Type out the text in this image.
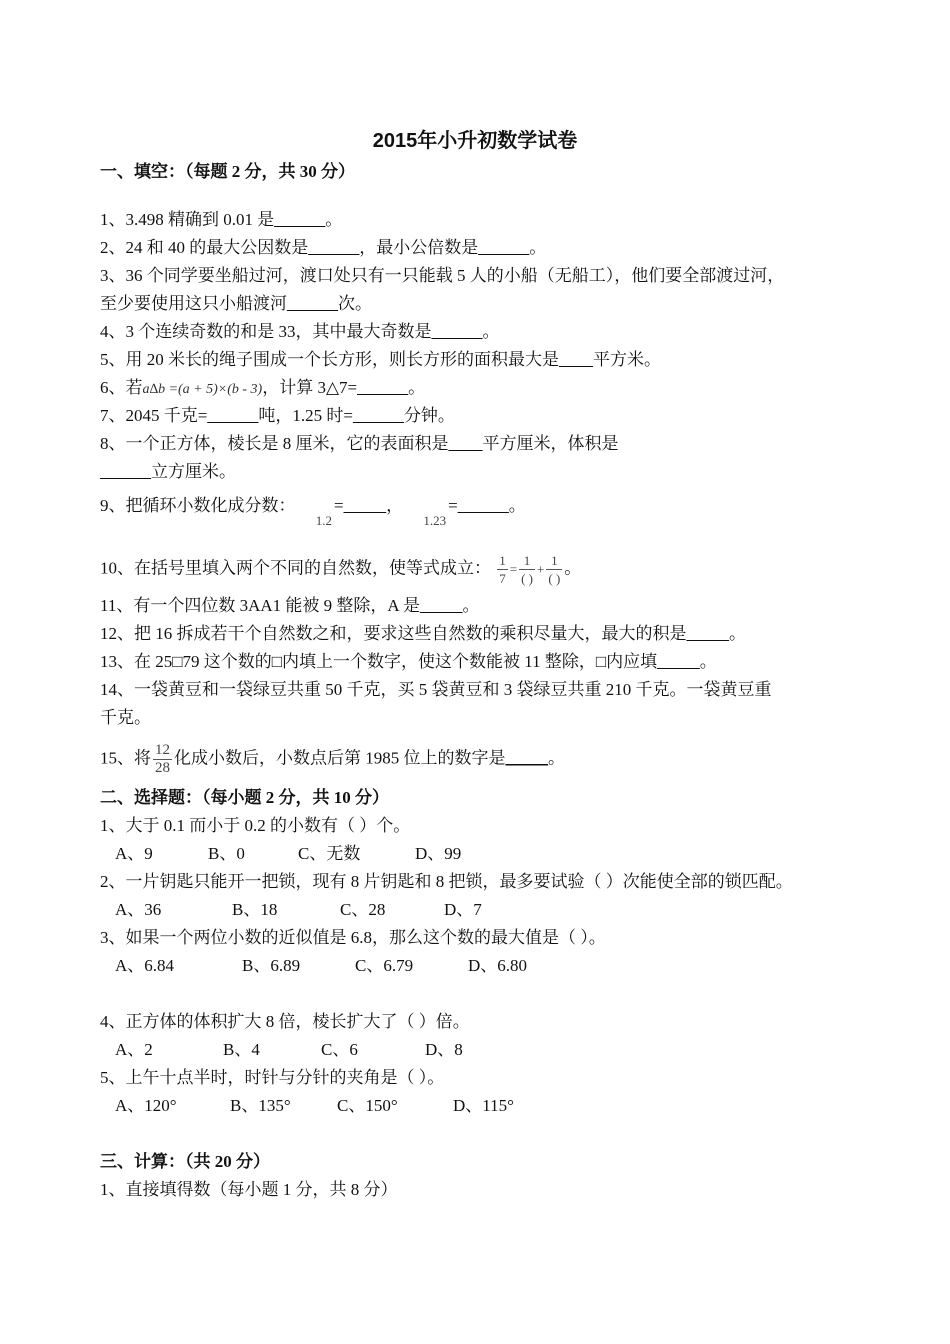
2015年小升初数学试卷
一、填空：（每题 2 分，共 30 分）
1、3.498 精确到 0.01 是______。
2、24 和 40 的最大公因数是______，最小公倍数是______。
3、36 个同学要坐船过河，渡口处只有一只能载 5 人的小船（无船工），他们要全部渡过河，
至少要使用这只小船渡河______次。
4、3 个连续奇数的和是 33，其中最大奇数是______。
5、用 20 米长的绳子围成一个长方形，则长方形的面积最大是____平方米。
6、若a∆b =(a + 5)×(b - 3)，计算 3△7=______。
7、2045 千克=______吨，1.25 时=______分钟。
8、一个正方体，棱长是 8 厘米，它的表面积是____平方厘米，体积是
______立方厘米。
9、把循环小数化成分数： $_{1.2}$=_____， $_{1.23}$=______。
10、在括号里填入两个不同的自然数，使等式成立： $\frac{1}{7} = \frac{1}{( )} + \frac{1}{( )}$ 。
11、有一个四位数 3AA1 能被 9 整除，A 是_____。
12、把 16 拆成若干个自然数之和，要求这些自然数的乘积尽量大，最大的积是_____。
13、在 25□79 这个数的□内填上一个数字，使这个数能被 11 整除，□内应填_____。
14、一袋黄豆和一袋绿豆共重 50 千克，买 5 袋黄豆和 3 袋绿豆共重 210 千克。一袋黄豆重
千克。
15、将 $\frac{12}{28}$ 化成小数后，小数点后第 1985 位上的数字是_____。
二、选择题：（每小题 2 分，共 10 分）
1、大于 0.1 而小于 0.2 的小数有（ ）个。
A、9	B、0	C、无数	D、99
2、一片钥匙只能开一把锁，现有 8 片钥匙和 8 把锁，最多要试验（ ）次能使全部的锁匹配。
A、36	B、18	C、28	D、7
3、如果一个两位小数的近似值是 6.8，那么这个数的最大值是（ ）。
A、6.84	B、6.89	C、6.79	D、6.80
4、正方体的体积扩大 8 倍，棱长扩大了（ ）倍。
A、2	B、4	C、6	D、8
5、上午十点半时，时针与分针的夹角是（ ）。
A、120°	B、135°	C、150°	D、115°
三、计算：（共 20 分）
1、直接填得数（每小题 1 分，共 8 分）
